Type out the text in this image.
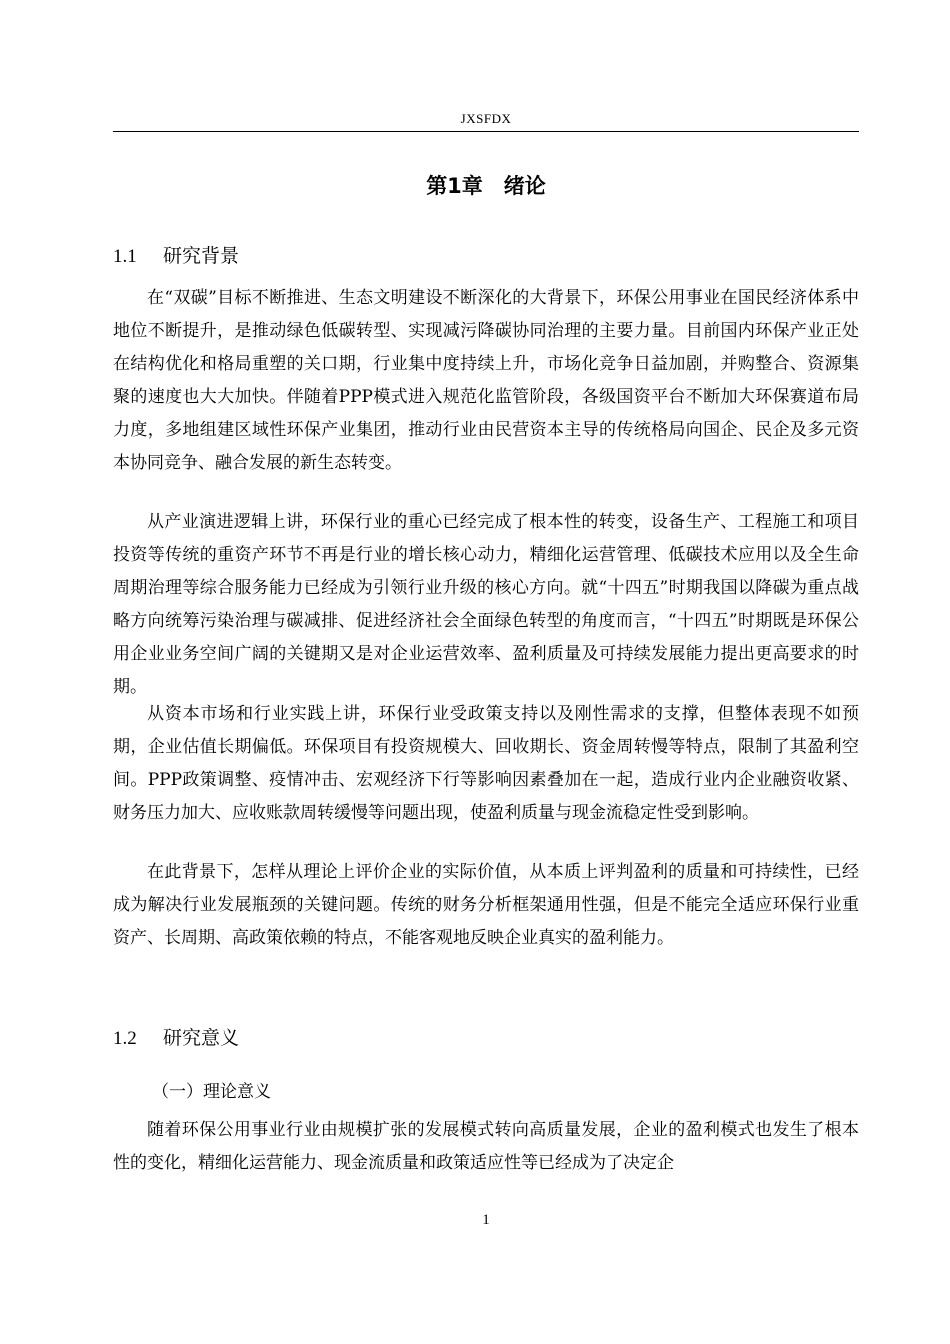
JXSFDX
第1章　绪论
1.1 研究背景

在“双碳”目标不断推进、生态文明建设不断深化的大背景下，环保公用事业在国民经济体系中地位不断提升，是推动绿色低碳转型、实现减污降碳协同治理的主要力量。目前国内环保产业正处在结构优化和格局重塑的关口期，行业集中度持续上升，市场化竞争日益加剧，并购整合、资源集聚的速度也大大加快。伴随着PPP模式进入规范化监管阶段，各级国资平台不断加大环保赛道布局力度，多地组建区域性环保产业集团，推动行业由民营资本主导的传统格局向国企、民企及多元资本协同竞争、融合发展的新生态转变。

从产业演进逻辑上讲，环保行业的重心已经完成了根本性的转变，设备生产、工程施工和项目投资等传统的重资产环节不再是行业的增长核心动力，精细化运营管理、低碳技术应用以及全生命周期治理等综合服务能力已经成为引领行业升级的核心方向。就“十四五”时期我国以降碳为重点战略方向统筹污染治理与碳减排、促进经济社会全面绿色转型的角度而言，“十四五”时期既是环保公用企业业务空间广阔的关键期又是对企业运营效率、盈利质量及可持续发展能力提出更高要求的时期。

从资本市场和行业实践上讲，环保行业受政策支持以及刚性需求的支撑，但整体表现不如预期，企业估值长期偏低。环保项目有投资规模大、回收期长、资金周转慢等特点，限制了其盈利空间。PPP政策调整、疫情冲击、宏观经济下行等影响因素叠加在一起，造成行业内企业融资收紧、财务压力加大、应收账款周转缓慢等问题出现，使盈利质量与现金流稳定性受到影响。

在此背景下，怎样从理论上评价企业的实际价值，从本质上评判盈利的质量和可持续性，已经成为解决行业发展瓶颈的关键问题。传统的财务分析框架通用性强，但是不能完全适应环保行业重资产、长周期、高政策依赖的特点，不能客观地反映企业真实的盈利能力。

1.2 研究意义
（一）理论意义

随着环保公用事业行业由规模扩张的发展模式转向高质量发展，企业的盈利模式也发生了根本性的变化，精细化运营能力、现金流质量和政策适应性等已经成为了决定企

1
